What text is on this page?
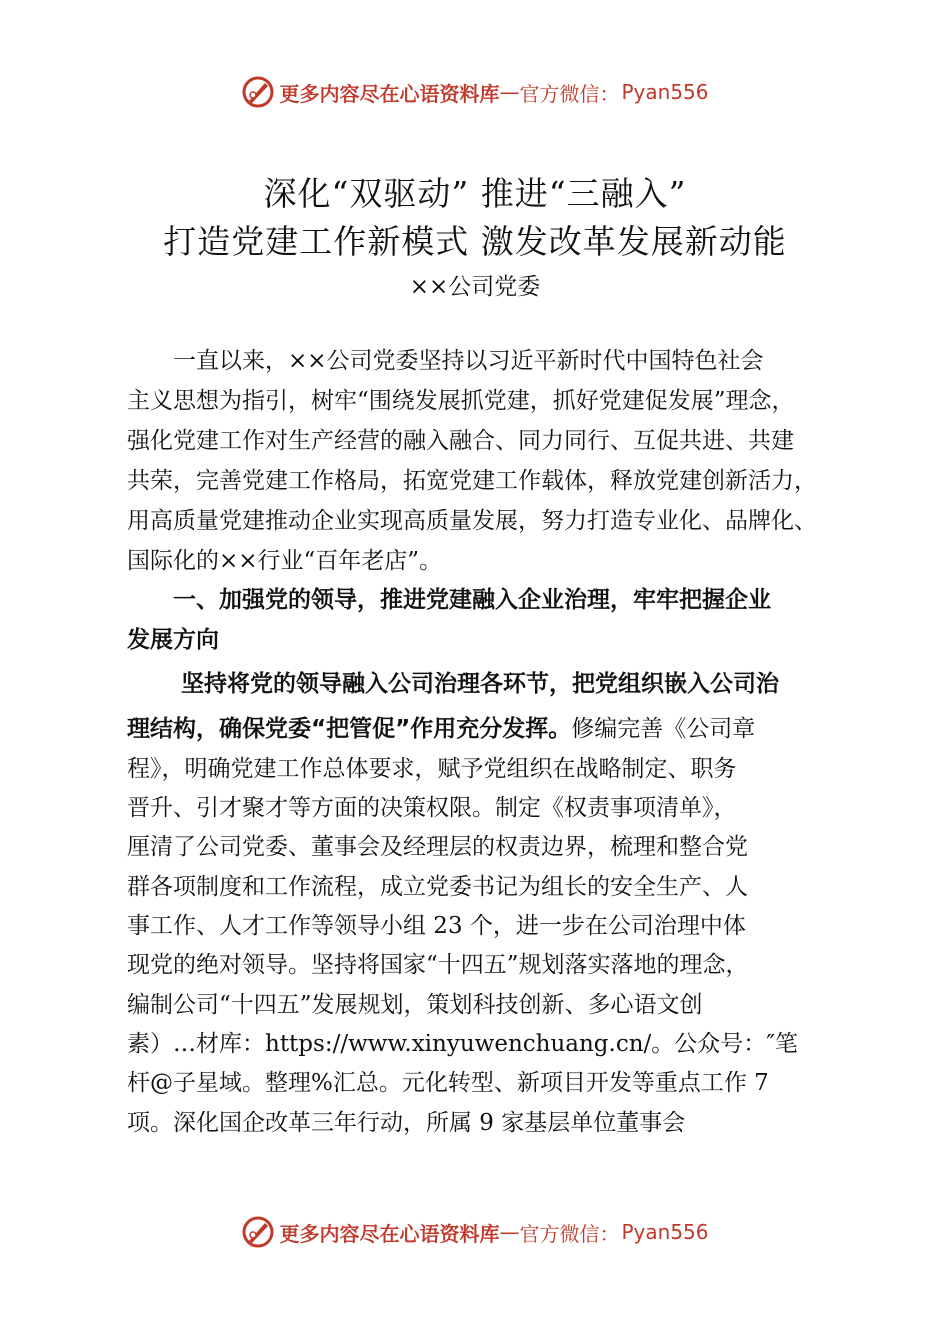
更多内容尽在心语资料库 — 官方微信： Pyan556
深化“双驱动” 推进“三融入”
打造党建工作新模式 激发改革发展新动能
××公司党委
　　一直以来，××公司党委坚持以习近平新时代中国特色社会
主义思想为指引，树牢“围绕发展抓党建，抓好党建促发展”理念，
强化党建工作对生产经营的融入融合、同力同行、互促共进、共建
共荣，完善党建工作格局，拓宽党建工作载体，释放党建创新活力，
用高质量党建推动企业实现高质量发展，努力打造专业化、品牌化、
国际化的××行业“百年老店”。
　　一、加强党的领导，推进党建融入企业治理，牢牢把握企业
发展方向
　　 坚持将党的领导融入公司治理各环节，把党组织嵌入公司治
理结构，确保党委“把管促”作用充分发挥。修编完善《公司章
程》，明确党建工作总体要求，赋予党组织在战略制定、职务
晋升、引才聚才等方面的决策权限。制定《权责事项清单》，
厘清了公司党委、董事会及经理层的权责边界，梳理和整合党
群各项制度和工作流程，成立党委书记为组长的安全生产、人
事工作、人才工作等领导小组 23 个，进一步在公司治理中体
现党的绝对领导。坚持将国家“十四五”规划落实落地的理念，
编制公司“十四五”发展规划，策划科技创新、多心语文创
素）…材库：https://www.xinyuwenchuang.cn/。公众号：″笔
杆@子星域。整理%汇总。元化转型、新项目开发等重点工作 7
项。深化国企改革三年行动，所属 9 家基层单位董事会
更多内容尽在心语资料库 — 官方微信： Pyan556
